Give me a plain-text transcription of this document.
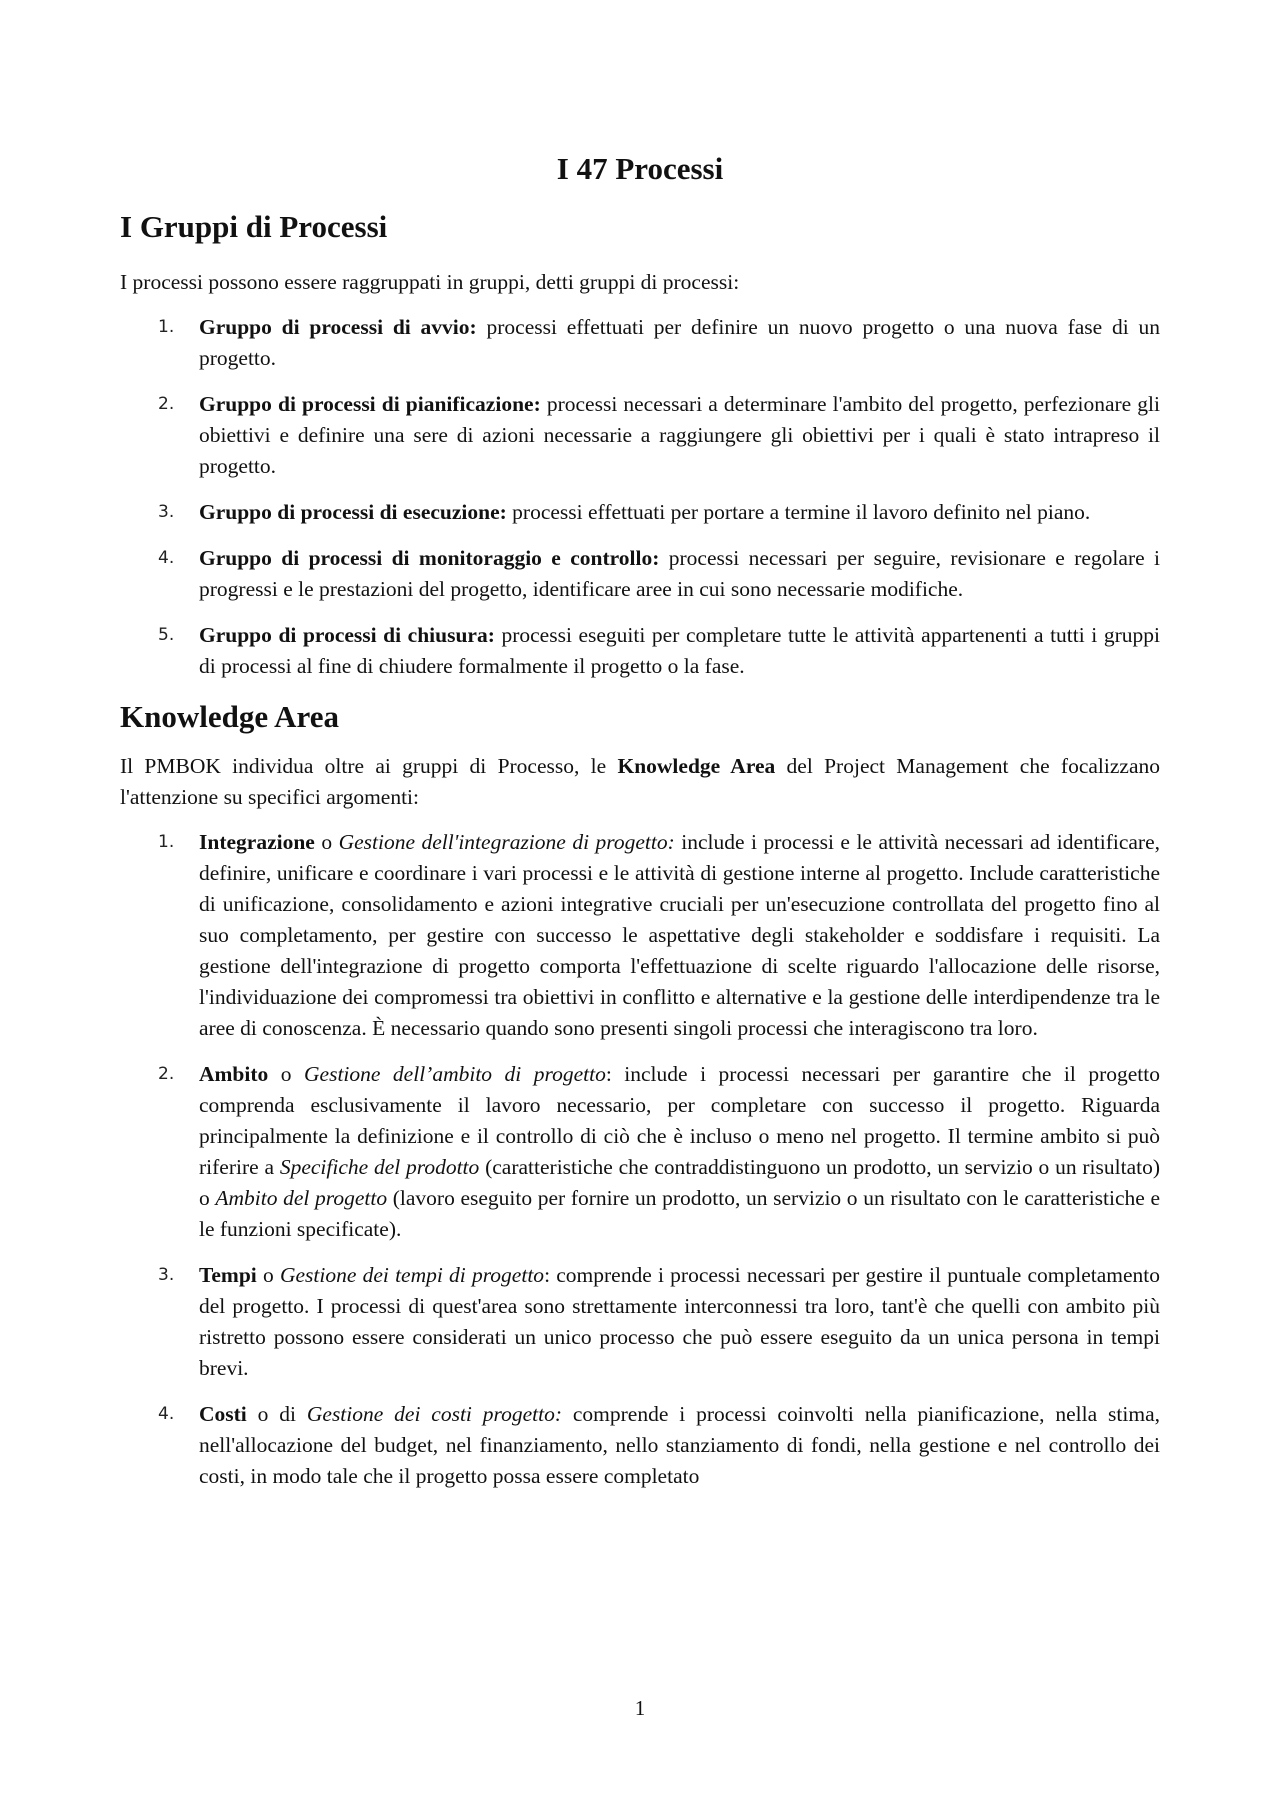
I 47 Processi
I Gruppi di Processi

I processi possono essere raggruppati in gruppi, detti gruppi di processi:

1.	Gruppo di processi di avvio: processi effettuati per definire un nuovo progetto o una nuova fase di un progetto.
2.	Gruppo di processi di pianificazione: processi necessari a determinare l'ambito del progetto, perfezionare gli obiettivi e definire una sere di azioni necessarie a raggiungere gli obiettivi per i quali è stato intrapreso il progetto.
3.	Gruppo di processi di esecuzione: processi effettuati per portare a termine il lavoro definito nel piano.
4.	Gruppo di processi di monitoraggio e controllo: processi necessari per seguire, revisionare e regolare i progressi e le prestazioni del progetto, identificare aree in cui sono necessarie modifiche.
5.	Gruppo di processi di chiusura: processi eseguiti per completare tutte le attività appartenenti a tutti i gruppi di processi al fine di chiudere formalmente il progetto o la fase.
Knowledge Area

Il PMBOK individua oltre ai gruppi di Processo, le Knowledge Area del Project Management che focalizzano l'attenzione su specifici argomenti:

1.	Integrazione o Gestione dell'integrazione di progetto: include i processi e le attività necessari ad identificare, definire, unificare e coordinare i vari processi e le attività di gestione interne al progetto. Include caratteristiche di unificazione, consolidamento e azioni integrative cruciali per un'esecuzione controllata del progetto fino al suo completamento, per gestire con successo le aspettative degli stakeholder e soddisfare i requisiti. La gestione dell'integrazione di progetto comporta l'effettuazione di scelte riguardo l'allocazione delle risorse, l'individuazione dei compromessi tra obiettivi in conflitto e alternative e la gestione delle interdipendenze tra le aree di conoscenza. È necessario quando sono presenti singoli processi che interagiscono tra loro.
2.	Ambito o Gestione dell’ambito di progetto: include i processi necessari per garantire che il progetto comprenda esclusivamente il lavoro necessario, per completare con successo il progetto. Riguarda principalmente la definizione e il controllo di ciò che è incluso o meno nel progetto. Il termine ambito si può riferire a Specifiche del prodotto (caratteristiche che contraddistinguono un prodotto, un servizio o un risultato) o Ambito del progetto (lavoro eseguito per fornire un prodotto, un servizio o un risultato con le caratteristiche e le funzioni specificate).
3.	Tempi o Gestione dei tempi di progetto: comprende i processi necessari per gestire il puntuale completamento del progetto. I processi di quest'area sono strettamente interconnessi tra loro, tant'è che quelli con ambito più ristretto possono essere considerati un unico processo che può essere eseguito da un unica persona in tempi brevi.
4.	Costi o di Gestione dei costi progetto: comprende i processi coinvolti nella pianificazione, nella stima, nell'allocazione del budget, nel finanziamento, nello stanziamento di fondi, nella gestione e nel controllo dei costi, in modo tale che il progetto possa essere completato
1
